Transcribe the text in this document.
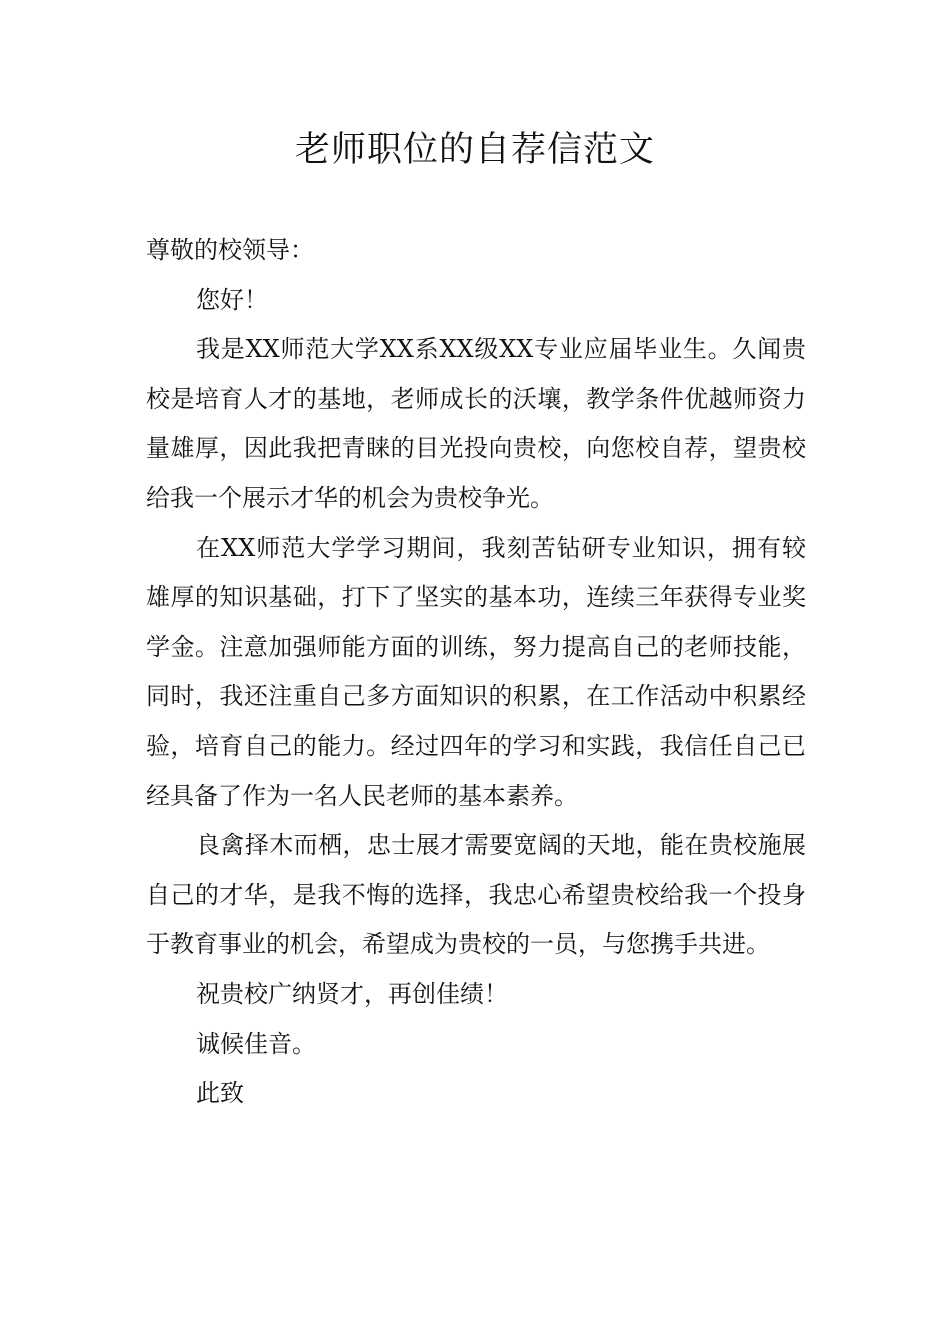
老师职位的自荐信范文

尊敬的校领导：

您好！

我是XX师范大学XX系XX级XX专业应届毕业生。久闻贵校是培育人才的基地，老师成长的沃壤，教学条件优越师资力量雄厚，因此我把青睐的目光投向贵校，向您校自荐，望贵校给我一个展示才华的机会为贵校争光。

在XX师范大学学习期间，我刻苦钻研专业知识，拥有较雄厚的知识基础，打下了坚实的基本功，连续三年获得专业奖学金。注意加强师能方面的训练，努力提高自己的老师技能，同时，我还注重自己多方面知识的积累，在工作活动中积累经验，培育自己的能力。经过四年的学习和实践，我信任自己已经具备了作为一名人民老师的基本素养。

良禽择木而栖，忠士展才需要宽阔的天地，能在贵校施展自己的才华，是我不悔的选择，我忠心希望贵校给我一个投身于教育事业的机会，希望成为贵校的一员，与您携手共进。

祝贵校广纳贤才，再创佳绩！

诚候佳音。

此致
